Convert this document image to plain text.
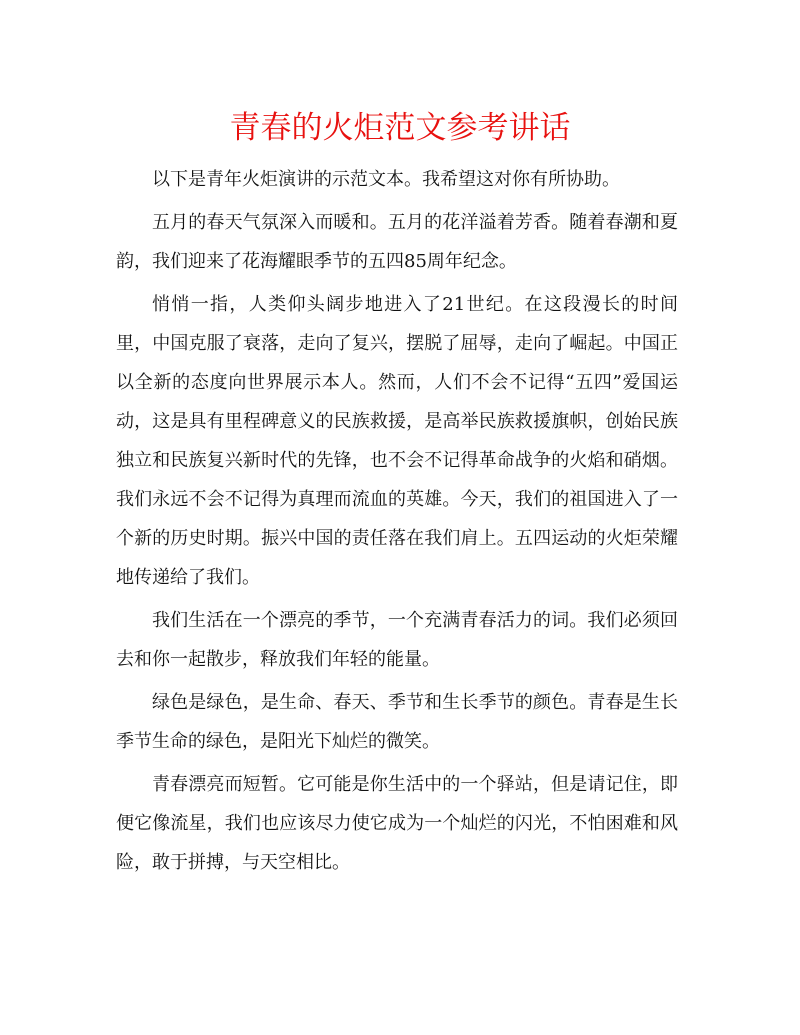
青春的火炬范文参考讲话

以下是青年火炬演讲的示范文本。我希望这对你有所协助。

五月的春天气氛深入而暖和。五月的花洋溢着芳香。随着春潮和夏韵，我们迎来了花海耀眼季节的五四85周年纪念。

悄悄一指，人类仰头阔步地进入了21世纪。在这段漫长的时间里，中国克服了衰落，走向了复兴，摆脱了屈辱，走向了崛起。中国正以全新的态度向世界展示本人。然而，人们不会不记得“五四”爱国运动，这是具有里程碑意义的民族救援，是高举民族救援旗帜，创始民族独立和民族复兴新时代的先锋，也不会不记得革命战争的火焰和硝烟。我们永远不会不记得为真理而流血的英雄。今天，我们的祖国进入了一个新的历史时期。振兴中国的责任落在我们肩上。五四运动的火炬荣耀地传递给了我们。

我们生活在一个漂亮的季节，一个充满青春活力的词。我们必须回去和你一起散步，释放我们年轻的能量。

绿色是绿色，是生命、春天、季节和生长季节的颜色。青春是生长季节生命的绿色，是阳光下灿烂的微笑。

青春漂亮而短暂。它可能是你生活中的一个驿站，但是请记住，即便它像流星，我们也应该尽力使它成为一个灿烂的闪光，不怕困难和风险，敢于拼搏，与天空相比。
